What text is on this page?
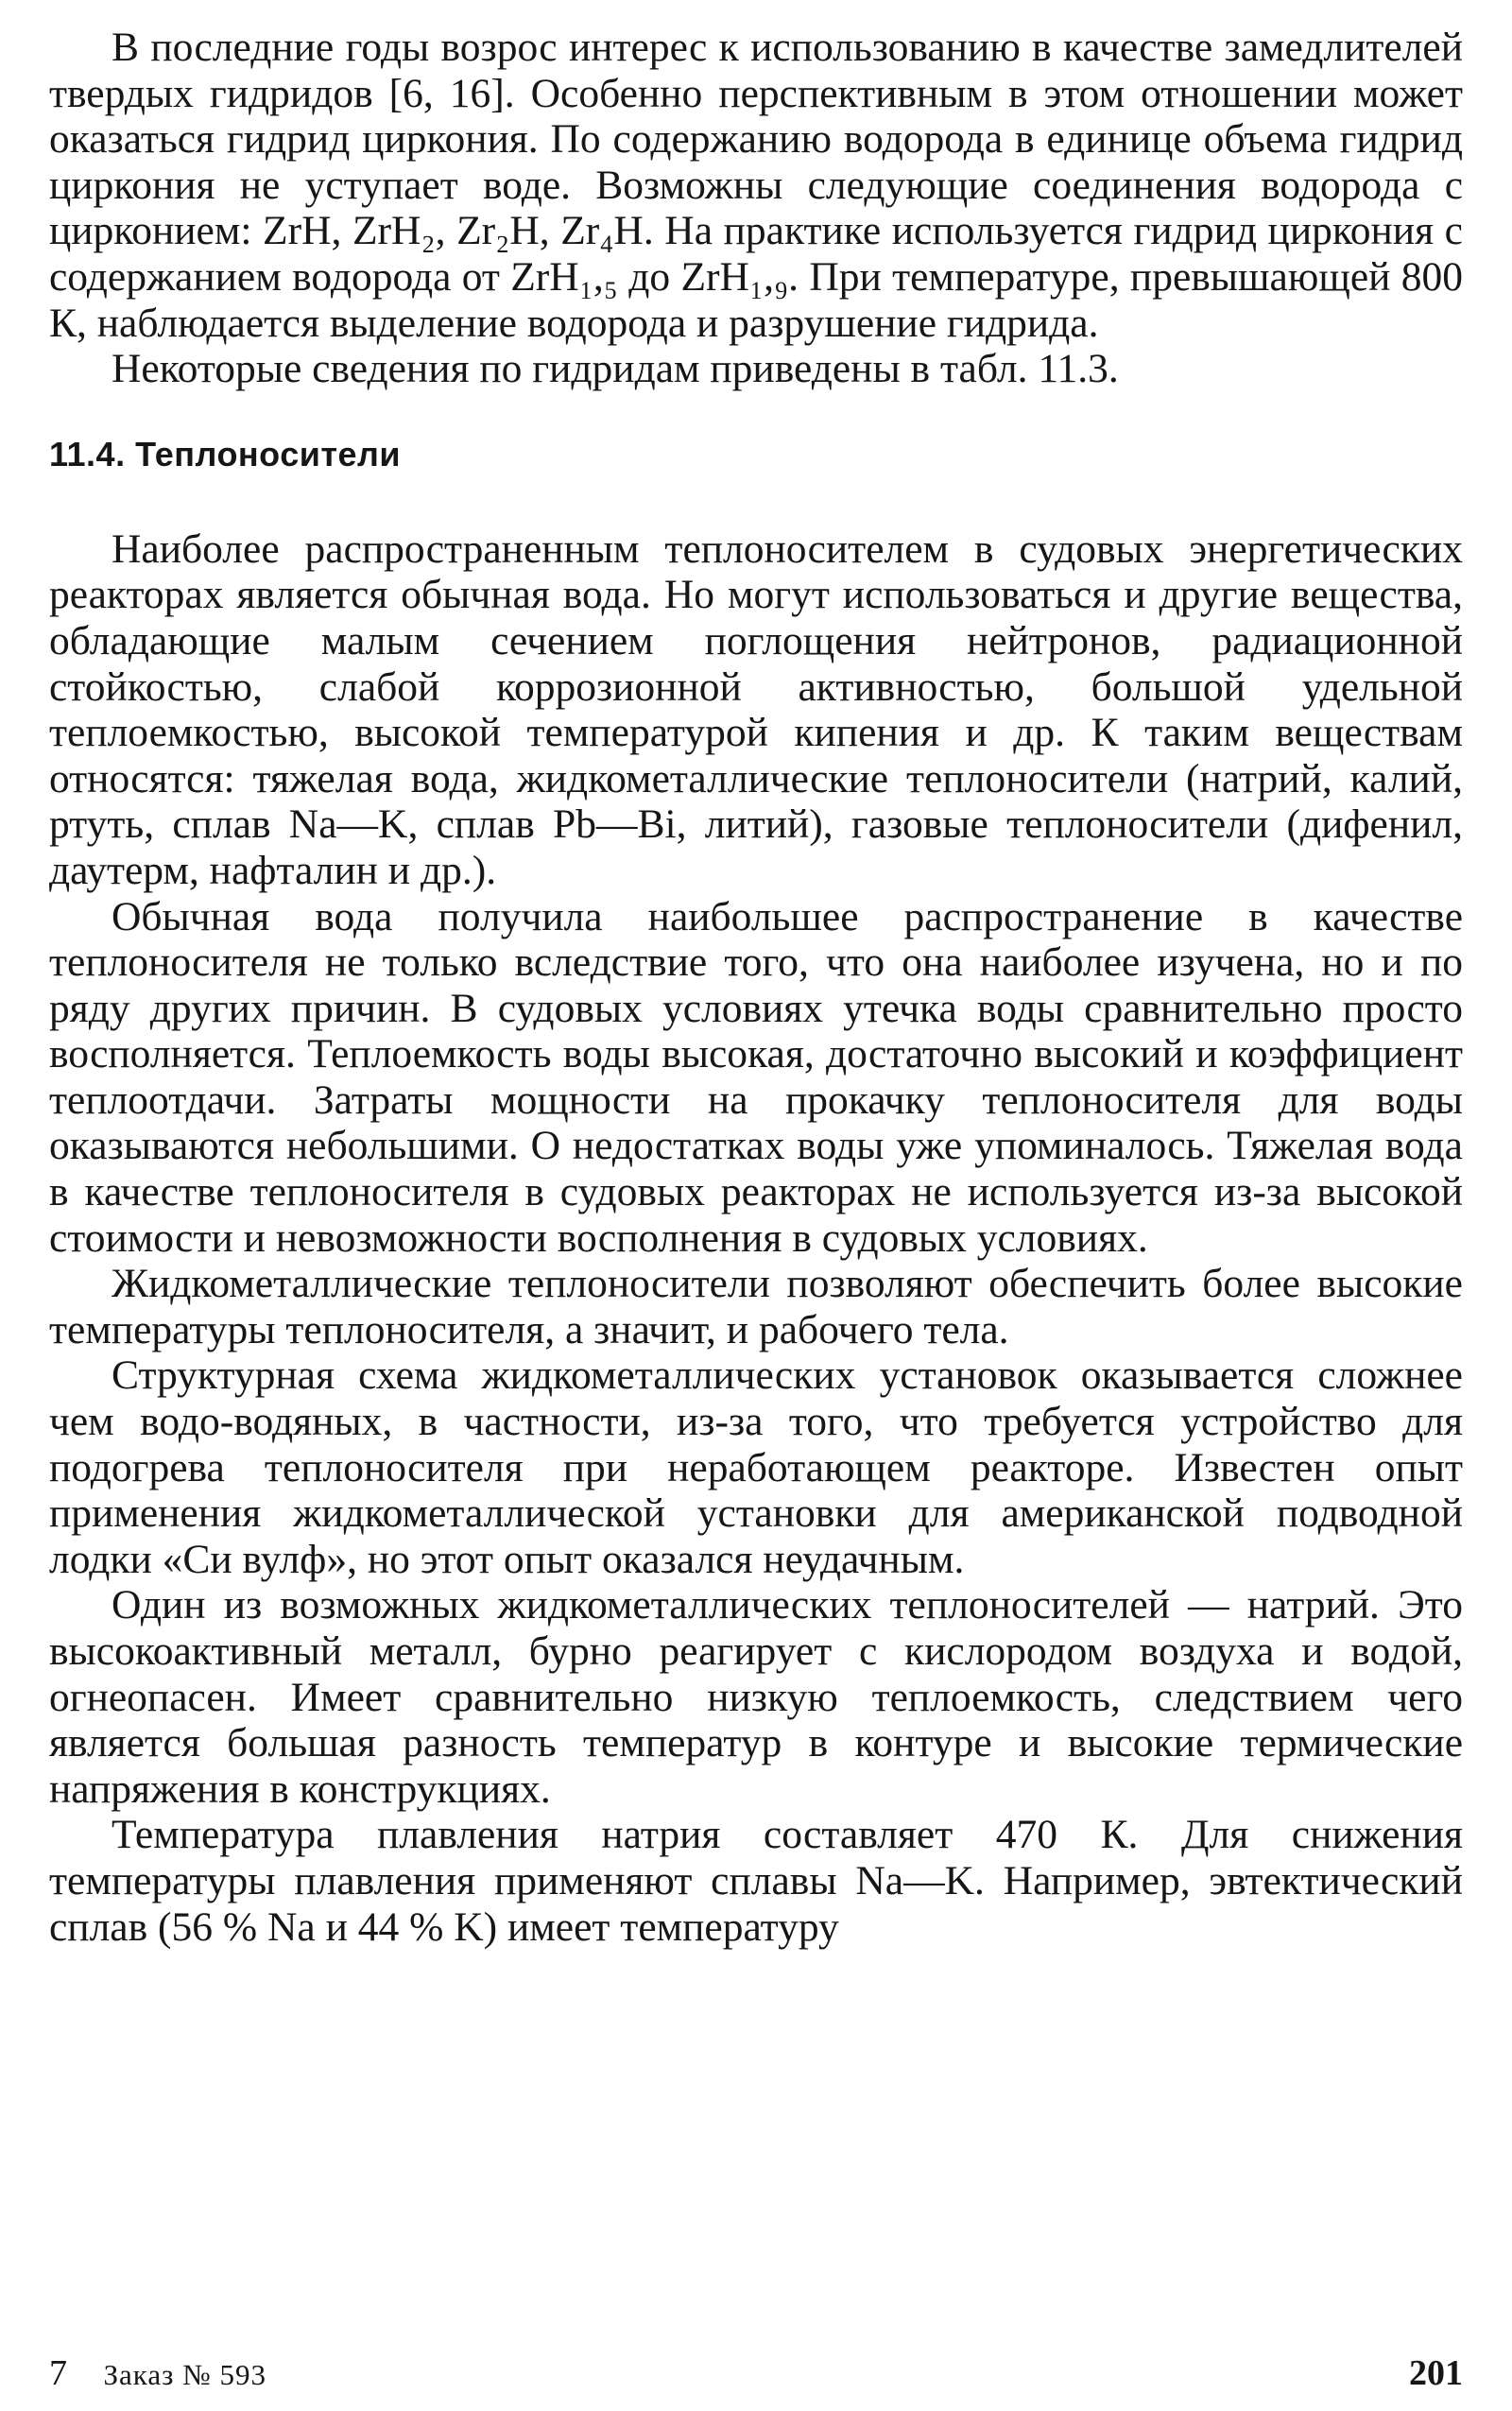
В последние годы возрос интерес к использованию в качестве замедлителей твердых гидридов [6, 16]. Особенно перспективным в этом отношении может оказаться гидрид циркония. По содержанию водорода в единице объема гидрид циркония не уступает воде. Возможны следующие соединения водорода с цирконием: ZrH, ZrH₂, Zr₂H, Zr₄H. На практике используется гидрид циркония с содержанием водорода от ZrH₁,₅ до ZrH₁,₉. При температуре, превышающей 800 К, наблюдается выделение водорода и разрушение гидрида.

Некоторые сведения по гидридам приведены в табл. 11.3.

11.4. Теплоносители

Наиболее распространенным теплоносителем в судовых энергетических реакторах является обычная вода. Но могут использоваться и другие вещества, обладающие малым сечением поглощения нейтронов, радиационной стойкостью, слабой коррозионной активностью, большой удельной теплоемкостью, высокой температурой кипения и др. К таким веществам относятся: тяжелая вода, жидкометаллические теплоносители (натрий, калий, ртуть, сплав Na—K, сплав Pb—Bi, литий), газовые теплоносители (дифенил, даутерм, нафталин и др.).

Обычная вода получила наибольшее распространение в качестве теплоносителя не только вследствие того, что она наиболее изучена, но и по ряду других причин. В судовых условиях утечка воды сравнительно просто восполняется. Теплоемкость воды высокая, достаточно высокий и коэффициент теплоотдачи. Затраты мощности на прокачку теплоносителя для воды оказываются небольшими. О недостатках воды уже упоминалось. Тяжелая вода в качестве теплоносителя в судовых реакторах не используется из-за высокой стоимости и невозможности восполнения в судовых условиях.

Жидкометаллические теплоносители позволяют обеспечить более высокие температуры теплоносителя, а значит, и рабочего тела.

Структурная схема жидкометаллических установок оказывается сложнее чем водо-водяных, в частности, из-за того, что требуется устройство для подогрева теплоносителя при неработающем реакторе. Известен опыт применения жидкометаллической установки для американской подводной лодки «Си вулф», но этот опыт оказался неудачным.

Один из возможных жидкометаллических теплоносителей — натрий. Это высокоактивный металл, бурно реагирует с кислородом воздуха и водой, огнеопасен. Имеет сравнительно низкую теплоемкость, следствием чего является большая разность температур в контуре и высокие термические напряжения в конструкциях.

Температура плавления натрия составляет 470 К. Для снижения температуры плавления применяют сплавы Na—K. Например, эвтектический сплав (56 % Na и 44 % K) имеет температуру

7 Заказ № 593	201
